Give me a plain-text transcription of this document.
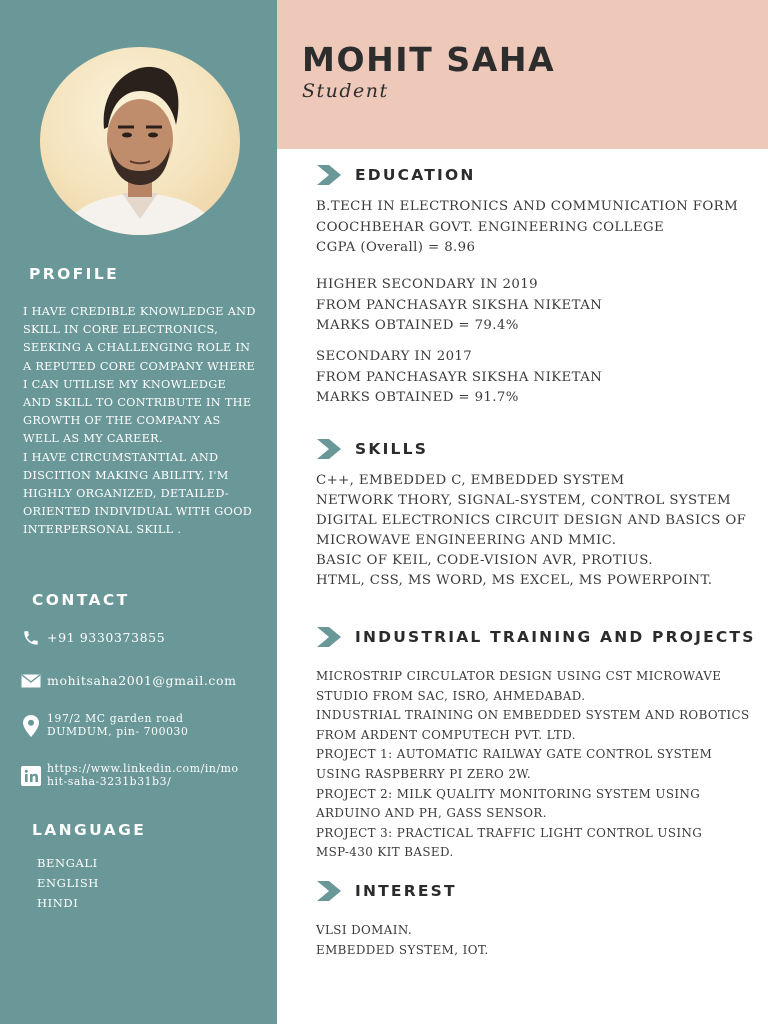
PROFILE

I HAVE CREDIBLE KNOWLEDGE AND
SKILL IN CORE ELECTRONICS,
SEEKING A CHALLENGING ROLE IN
A REPUTED CORE COMPANY WHERE
I CAN UTILISE MY KNOWLEDGE
AND SKILL TO CONTRIBUTE IN THE
GROWTH OF THE COMPANY AS
WELL AS MY CAREER.
I HAVE CIRCUMSTANTIAL AND
DISCITION MAKING ABILITY, I'M
HIGHLY ORGANIZED, DETAILED-
ORIENTED INDIVIDUAL WITH GOOD
INTERPERSONAL SKILL .

CONTACT
+91 9330373855
mohitsaha2001@gmail.com
197/2 MC garden road
DUMDUM, pin- 700030
https://www.linkedin.com/in/mo
hit-saha-3231b31b3/
LANGUAGE
BENGALI
ENGLISH
HINDI
MOHIT SAHA

Student

EDUCATION

B.TECH IN ELECTRONICS AND COMMUNICATION FORM
COOCHBEHAR GOVT. ENGINEERING COLLEGE
CGPA (Overall) = 8.96

HIGHER SECONDARY IN 2019
FROM PANCHASAYR SIKSHA NIKETAN
MARKS OBTAINED = 79.4%

SECONDARY IN 2017
FROM PANCHASAYR SIKSHA NIKETAN
MARKS OBTAINED = 91.7%

SKILLS

C++, EMBEDDED C, EMBEDDED SYSTEM
NETWORK THORY, SIGNAL-SYSTEM, CONTROL SYSTEM
DIGITAL ELECTRONICS CIRCUIT DESIGN AND BASICS OF
MICROWAVE ENGINEERING AND MMIC.
BASIC OF KEIL, CODE-VISION AVR, PROTIUS.
HTML, CSS, MS WORD, MS EXCEL, MS POWERPOINT.

INDUSTRIAL TRAINING AND PROJECTS

MICROSTRIP CIRCULATOR DESIGN USING CST MICROWAVE
STUDIO FROM SAC, ISRO, AHMEDABAD.
INDUSTRIAL TRAINING ON EMBEDDED SYSTEM AND ROBOTICS
FROM ARDENT COMPUTECH PVT. LTD.
PROJECT 1: AUTOMATIC RAILWAY GATE CONTROL SYSTEM
USING RASPBERRY PI ZERO 2W.
PROJECT 2: MILK QUALITY MONITORING SYSTEM USING
ARDUINO AND PH, GASS SENSOR.
PROJECT 3: PRACTICAL TRAFFIC LIGHT CONTROL USING
MSP-430 KIT BASED.

INTEREST

VLSI DOMAIN.
EMBEDDED SYSTEM, IOT.
